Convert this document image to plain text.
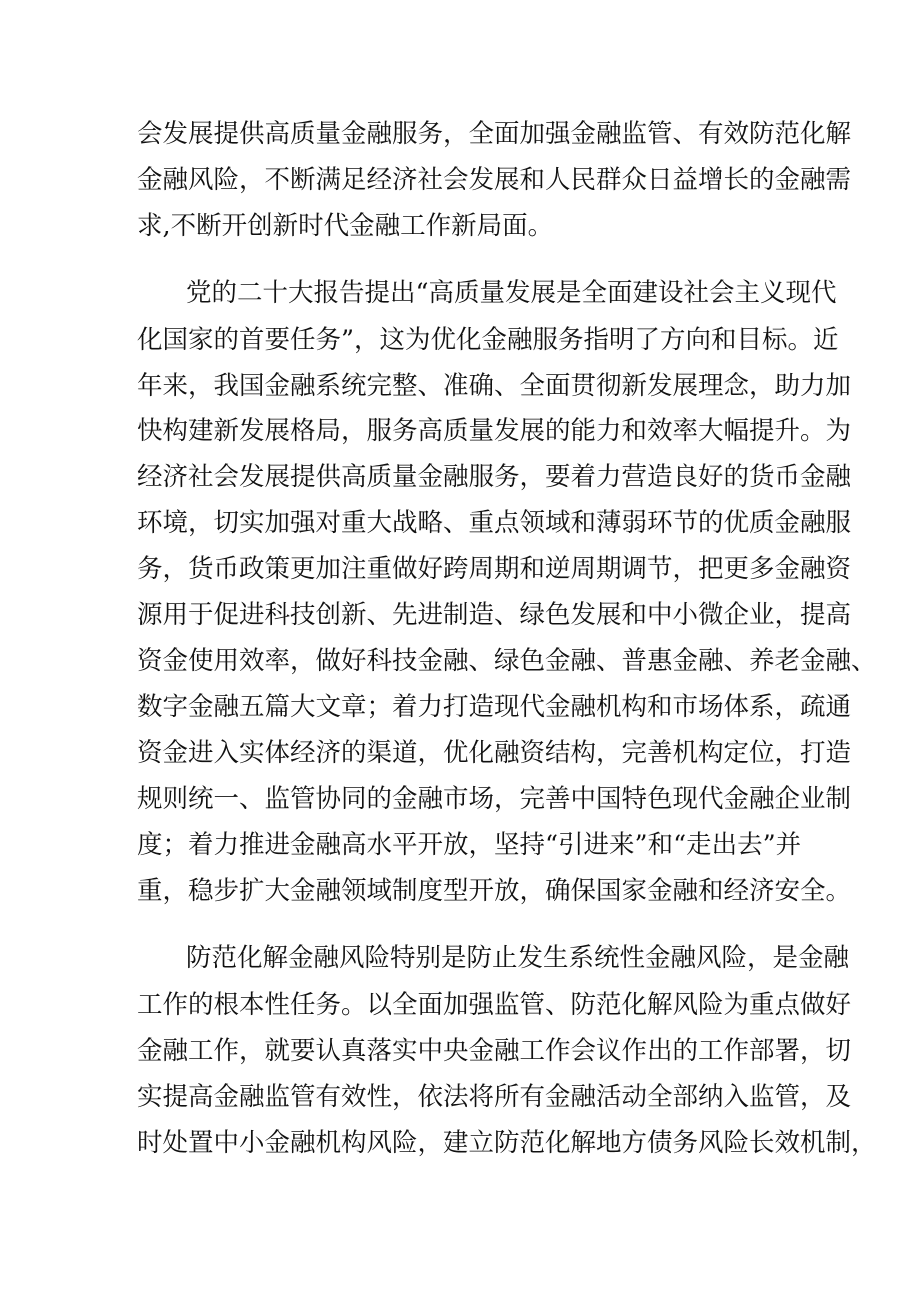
会发展提供高质量金融服务，全面加强金融监管、有效防范化解
金融风险，不断满足经济社会发展和人民群众日益增长的金融需
求,不断开创新时代金融工作新局面。
党的二十大报告提出“高质量发展是全面建设社会主义现代
化国家的首要任务”，这为优化金融服务指明了方向和目标。近
年来，我国金融系统完整、准确、全面贯彻新发展理念，助力加
快构建新发展格局，服务高质量发展的能力和效率大幅提升。为
经济社会发展提供高质量金融服务，要着力营造良好的货币金融
环境，切实加强对重大战略、重点领域和薄弱环节的优质金融服
务，货币政策更加注重做好跨周期和逆周期调节，把更多金融资
源用于促进科技创新、先进制造、绿色发展和中小微企业，提高
资金使用效率，做好科技金融、绿色金融、普惠金融、养老金融、
数字金融五篇大文章；着力打造现代金融机构和市场体系，疏通
资金进入实体经济的渠道，优化融资结构，完善机构定位，打造
规则统一、监管协同的金融市场，完善中国特色现代金融企业制
度；着力推进金融高水平开放，坚持“引进来”和“走出去”并
重，稳步扩大金融领域制度型开放，确保国家金融和经济安全。
防范化解金融风险特别是防止发生系统性金融风险，是金融
工作的根本性任务。以全面加强监管、防范化解风险为重点做好
金融工作，就要认真落实中央金融工作会议作出的工作部署，切
实提高金融监管有效性，依法将所有金融活动全部纳入监管，及
时处置中小金融机构风险，建立防范化解地方债务风险长效机制，
